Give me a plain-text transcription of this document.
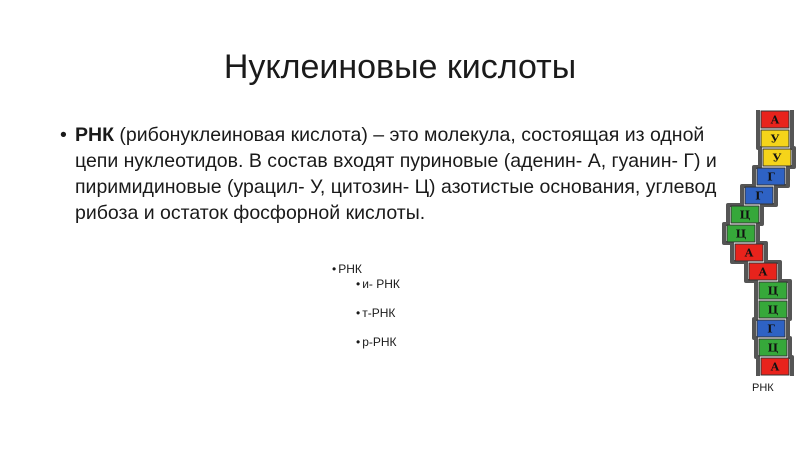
Нуклеиновые кислоты
• РНК (рибонуклеиновая кислота) – это молекула, состоящая из одной цепи нуклеотидов. В состав входят пуриновые (аденин- А, гуанин- Г) и пиримидиновые (урацил- У, цитозин- Ц) азотистые основания, углевод рибоза и остаток фосфорной кислоты.
• РНК
• и- РНК
• т-РНК
• р-РНК
А
У
У
Г
Г
Ц
Ц
А
А
Ц
Ц
Г
Ц
А
РНК
